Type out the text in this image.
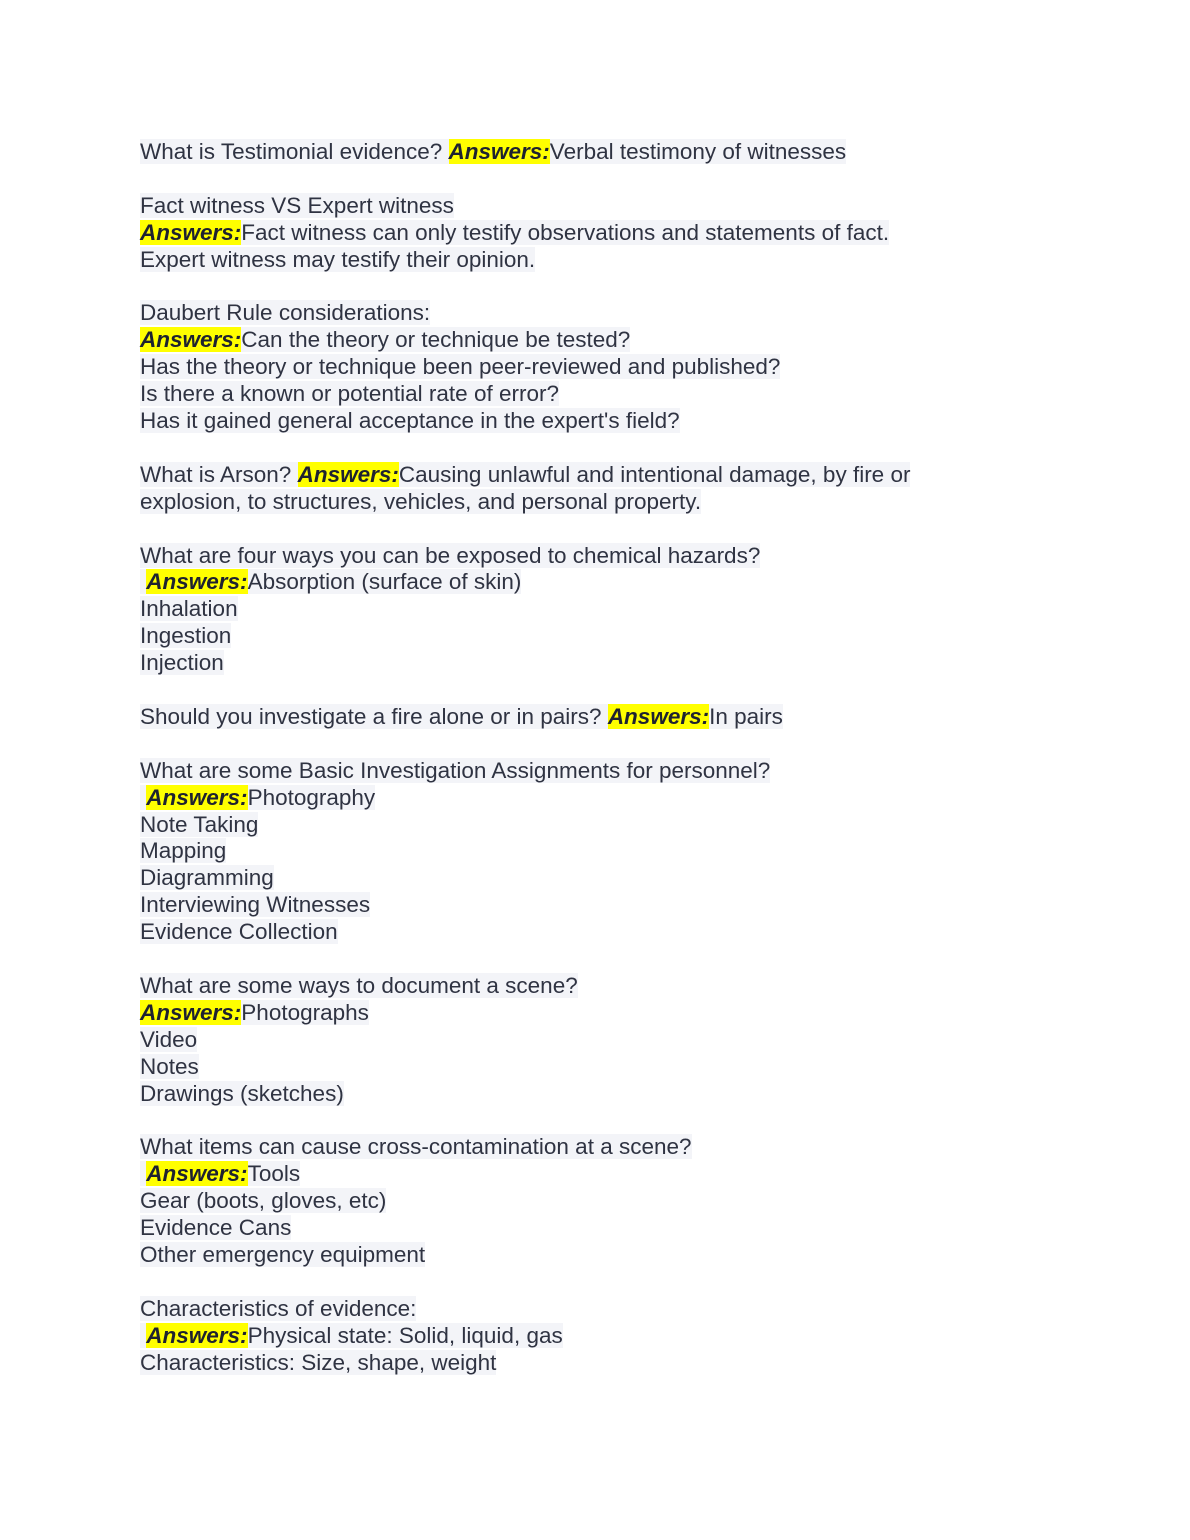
What is Testimonial evidence? Answers:Verbal testimony of witnesses
Fact witness VS Expert witness
Answers:Fact witness can only testify observations and statements of fact.
Expert witness may testify their opinion.
Daubert Rule considerations:
Answers:Can the theory or technique be tested?
Has the theory or technique been peer-reviewed and published?
Is there a known or potential rate of error?
Has it gained general acceptance in the expert's field?
What is Arson? Answers:Causing unlawful and intentional damage, by fire or
explosion, to structures, vehicles, and personal property.
What are four ways you can be exposed to chemical hazards?
Answers:Absorption (surface of skin)
Inhalation
Ingestion
Injection
Should you investigate a fire alone or in pairs? Answers:In pairs
What are some Basic Investigation Assignments for personnel?
Answers:Photography
Note Taking
Mapping
Diagramming
Interviewing Witnesses
Evidence Collection
What are some ways to document a scene?
Answers:Photographs
Video
Notes
Drawings (sketches)
What items can cause cross-contamination at a scene?
Answers:Tools
Gear (boots, gloves, etc)
Evidence Cans
Other emergency equipment
Characteristics of evidence:
Answers:Physical state: Solid, liquid, gas
Characteristics: Size, shape, weight
